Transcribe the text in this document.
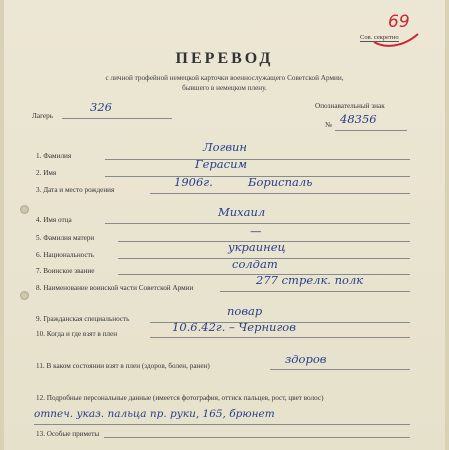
Сов. секретно
69
ПЕРЕВОД
с личной трофейной немецкой карточки военнослужащего Советской Армии,
бывшего в немецком плену.
Лагерь
326	Опознавательный знак
№ 48356
1. Фамилия
Логвин
2. Имя
Герасим
3. Дата и место рождения
1906г.	Бориспаль
4. Имя отца
Михаил
5. Фамилия матери	—
6. Национальность
украинец
7. Воинское звание	солдат
8. Наименование воинской части Советской Армии
277 стрелк. полк
9. Гражданская специальность
повар
10. Когда и где взят в плен	10.6.42г. – Чернигов
11. В каком состоянии взят в плен (здоров, болен, ранен)	здоров
12. Подробные персональные данные (имеется фотография, оттиск пальцев, рост, цвет волос)
отпеч. указ. пальца пр. руки, 165, брюнет
13. Особые приметы
